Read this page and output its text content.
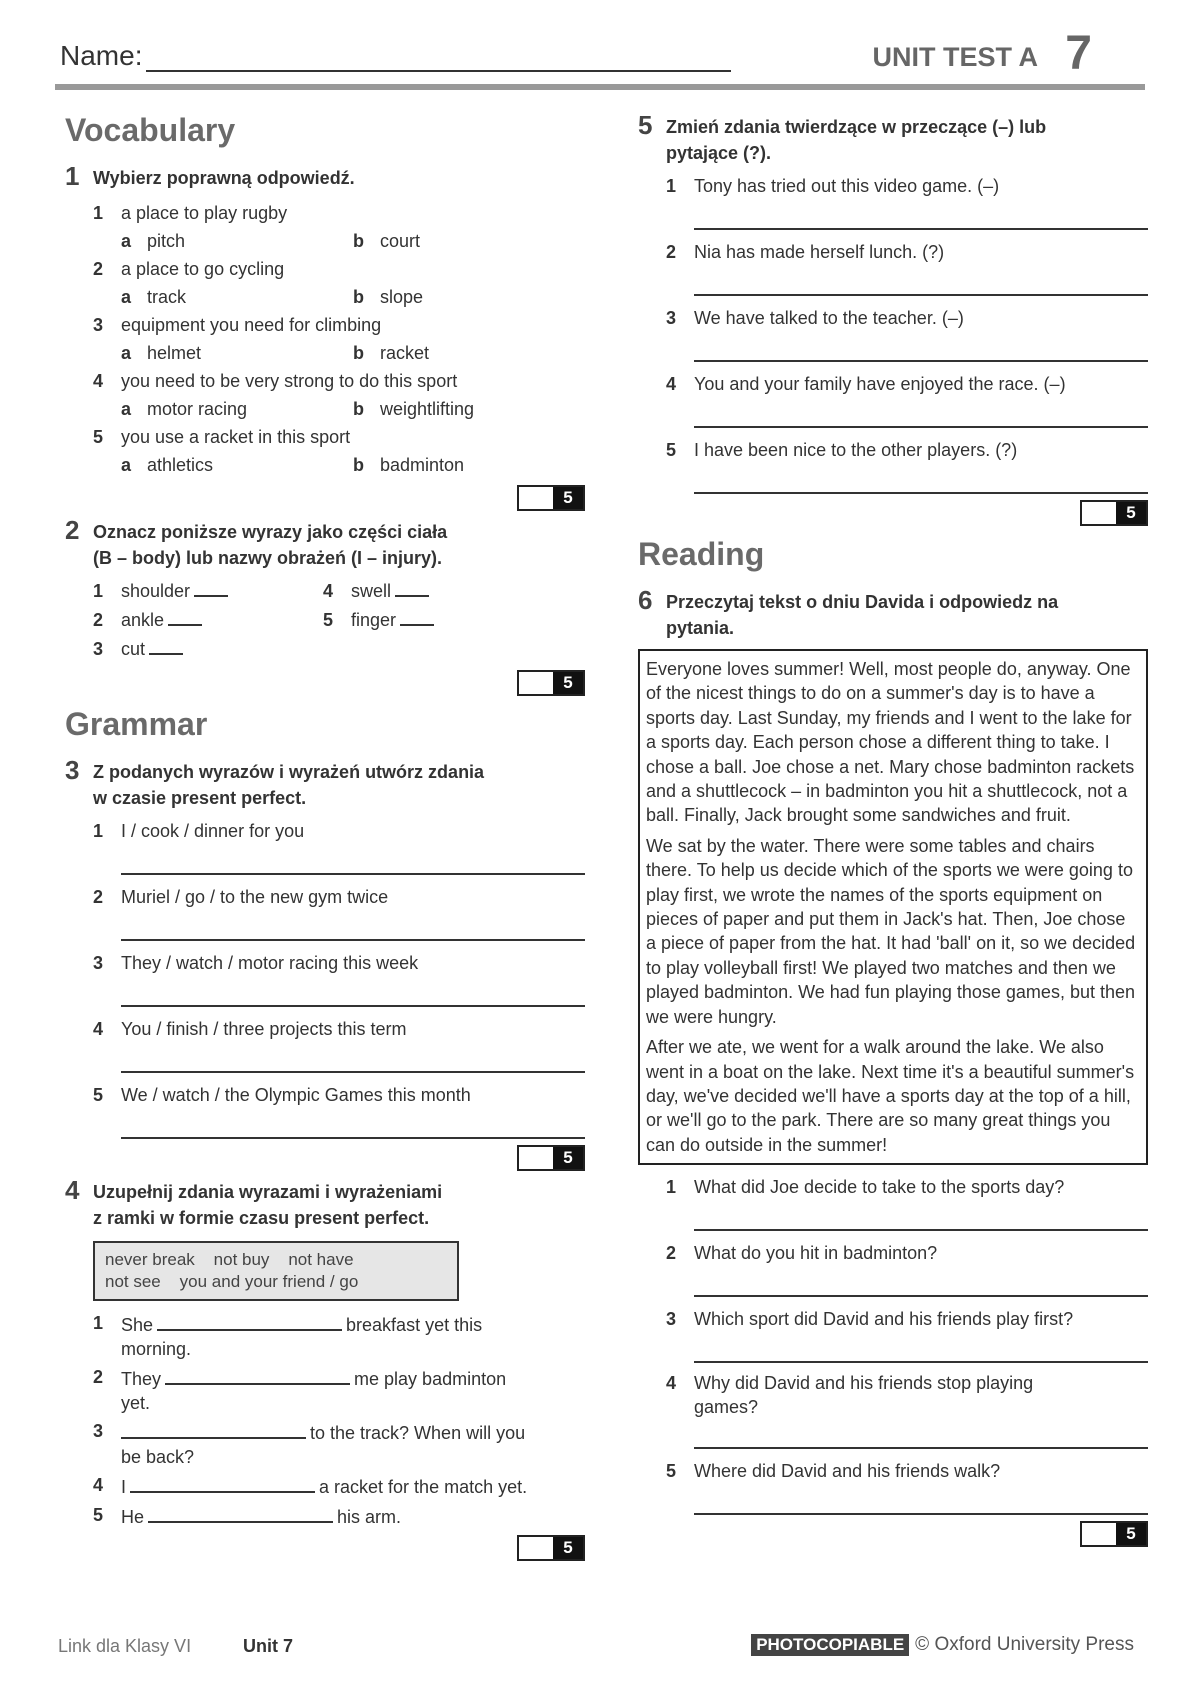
Name:	UNIT TEST A 7
Vocabulary
1 Wybierz poprawną odpowiedź.
1 a place to play rugby
a pitch	b court
2 a place to go cycling
a track	b slope
3 equipment you need for climbing
a helmet	b racket
4 you need to be very strong to do this sport
a motor racing	b weightlifting
5 you use a racket in this sport
a athletics	b badminton
5
2 Oznacz poniższe wyrazy jako części ciała
(B – body) lub nazwy obrażeń (I – injury).
1 shoulder	4 swell
2 ankle	5 finger
3 cut
5
Grammar
3 Z podanych wyrazów i wyrażeń utwórz zdania
w czasie present perfect.
1 I / cook / dinner for you
2 Muriel / go / to the new gym twice
3 They / watch / motor racing this week
4 You / finish / three projects this term
5 We / watch / the Olympic Games this month
5
4 Uzupełnij zdania wyrazami i wyrażeniami
z ramki w formie czasu present perfect.
never break    not buy    not have
not see    you and your friend / go
1 She	breakfast yet this
morning.
2 They	me play badminton
yet.
3	to the track? When will you
be back?
4 I	a racket for the match yet.
5 He	his arm.
5
5 Zmień zdania twierdzące w przeczące (–) lub
pytające (?).
1 Tony has tried out this video game. (–)
2 Nia has made herself lunch. (?)
3 We have talked to the teacher. (–)
4 You and your family have enjoyed the race. (–)
5 I have been nice to the other players. (?)
5
Reading
6 Przeczytaj tekst o dniu Davida i odpowiedz na
pytania.

Everyone loves summer! Well, most people do, anyway. One of the nicest things to do on a summer's day is to have a sports day. Last Sunday, my friends and I went to the lake for a sports day. Each person chose a different thing to take. I chose a ball. Joe chose a net. Mary chose badminton rackets and a shuttlecock – in badminton you hit a shuttlecock, not a ball. Finally, Jack brought some sandwiches and fruit.

We sat by the water. There were some tables and chairs there. To help us decide which of the sports we were going to play first, we wrote the names of the sports equipment on pieces of paper and put them in Jack's hat. Then, Joe chose a piece of paper from the hat. It had 'ball' on it, so we decided to play volleyball first! We played two matches and then we played badminton. We had fun playing those games, but then we were hungry.

After we ate, we went for a walk around the lake. We also went in a boat on the lake. Next time it's a beautiful summer's day, we've decided we'll have a sports day at the top of a hill, or we'll go to the park. There are so many great things you can do outside in the summer!

1 What did Joe decide to take to the sports day?
2 What do you hit in badminton?
3 Which sport did David and his friends play first?
4 Why did David and his friends stop playing games?
5 Where did David and his friends walk?
5
Link dla Klasy VI	Unit 7	PHOTOCOPIABLE © Oxford University Press
